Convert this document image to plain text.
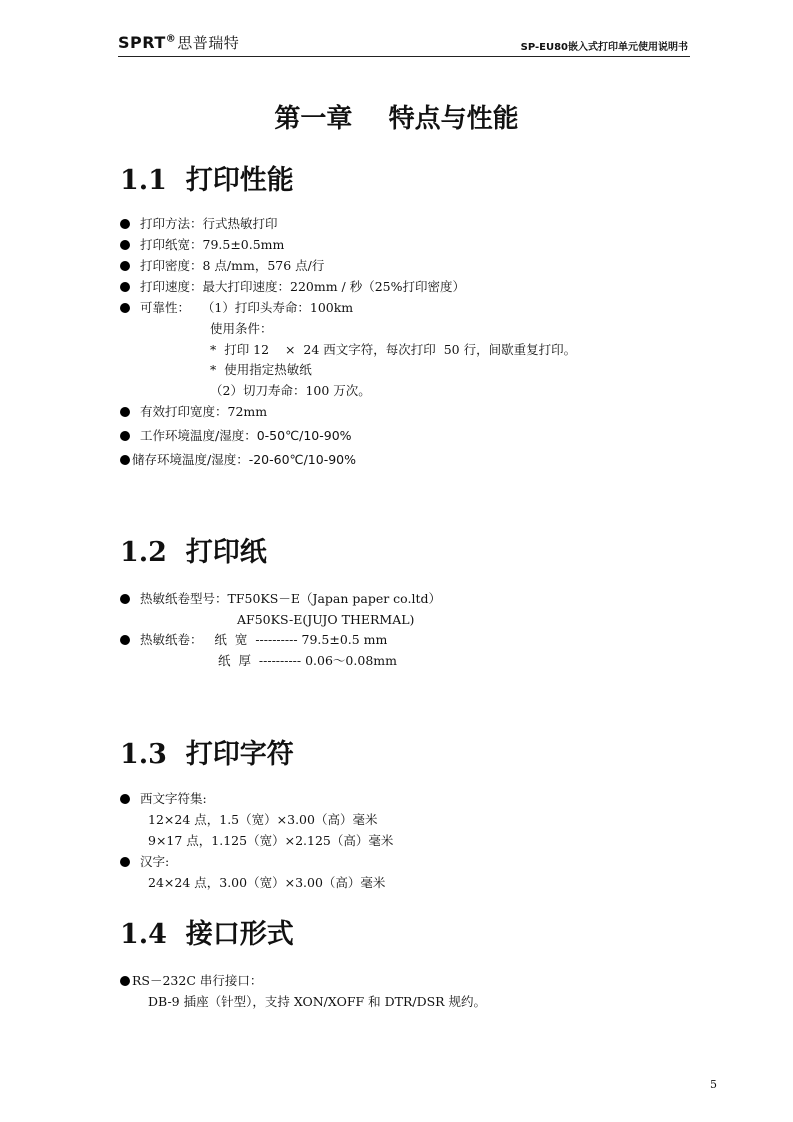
SPRT®思普瑞特	SP-EU80嵌入式打印单元使用说明书
第一章    特点与性能
1.1  打印性能
打印方法：行式热敏打印
打印纸宽：79.5±0.5mm
打印密度：8 点/mm，576 点/行
打印速度：最大打印速度：220mm / 秒（25%打印密度）
可靠性：   （1）打印头寿命：100km
使用条件：
*  打印 12    ×  24 西文字符，每次打印  50 行，间歇重复打印。
*  使用指定热敏纸
（2）切刀寿命：100 万次。
有效打印宽度：72mm
工作环境温度/湿度：0-50℃/10-90%
储存环境温度/湿度：-20-60℃/10-90%
1.2  打印纸
热敏纸卷型号：TF50KS－E（Japan paper co.ltd）
AF50KS-E(JUJO THERMAL)
热敏纸卷：   纸  宽  ---------- 79.5±0.5 mm
纸  厚  ---------- 0.06～0.08mm
1.3  打印字符
西文字符集:
12×24 点，1.5（宽）×3.00（高）毫米
9×17 点，1.125（宽）×2.125（高）毫米
汉字:
24×24 点，3.00（宽）×3.00（高）毫米
1.4  接口形式
RS－232C 串行接口：
DB-9 插座（针型），支持 XON/XOFF 和 DTR/DSR 规约。
5
